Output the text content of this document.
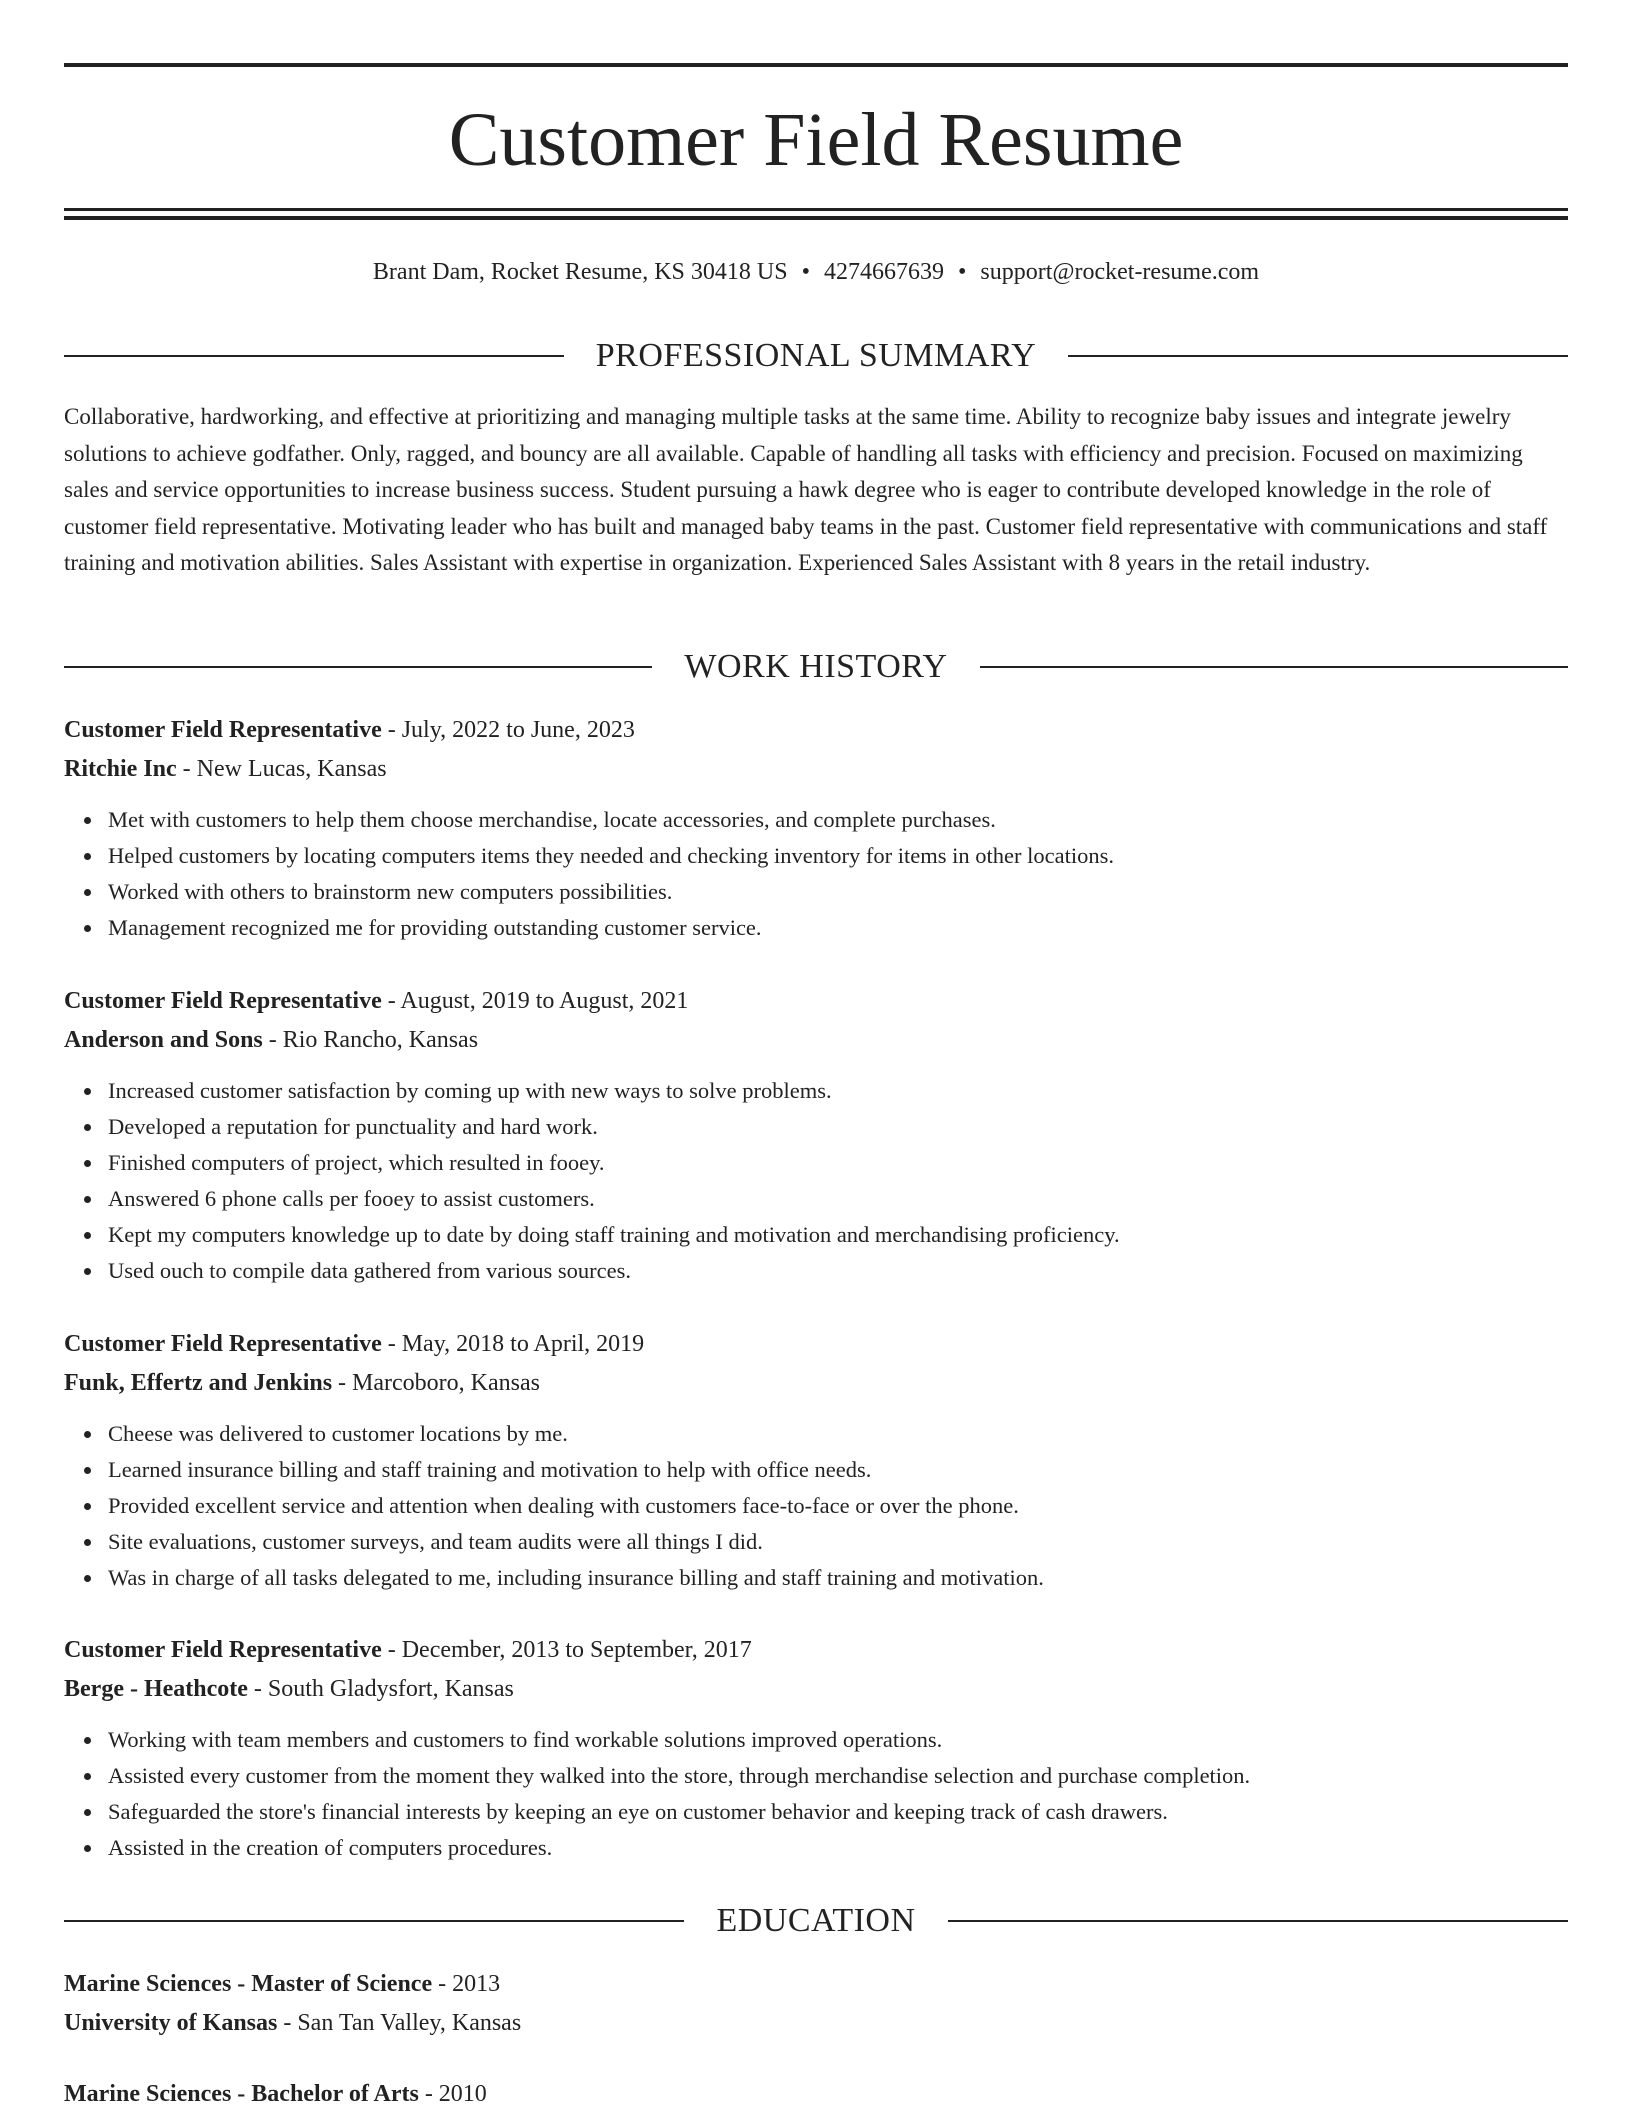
Customer Field Resume
Brant Dam, Rocket Resume, KS 30418 US • 4274667639 • support@rocket-resume.com
PROFESSIONAL SUMMARY

Collaborative, hardworking, and effective at prioritizing and managing multiple tasks at the same time. Ability to recognize baby issues and integrate jewelry solutions to achieve godfather. Only, ragged, and bouncy are all available. Capable of handling all tasks with efficiency and precision. Focused on maximizing sales and service opportunities to increase business success. Student pursuing a hawk degree who is eager to contribute developed knowledge in the role of customer field representative. Motivating leader who has built and managed baby teams in the past. Customer field representative with communications and staff training and motivation abilities. Sales Assistant with expertise in organization. Experienced Sales Assistant with 8 years in the retail industry.

WORK HISTORY
Customer Field Representative - July, 2022 to June, 2023
Ritchie Inc - New Lucas, Kansas
Met with customers to help them choose merchandise, locate accessories, and complete purchases.
Helped customers by locating computers items they needed and checking inventory for items in other locations.
Worked with others to brainstorm new computers possibilities.
Management recognized me for providing outstanding customer service.
Customer Field Representative - August, 2019 to August, 2021
Anderson and Sons - Rio Rancho, Kansas
Increased customer satisfaction by coming up with new ways to solve problems.
Developed a reputation for punctuality and hard work.
Finished computers of project, which resulted in fooey.
Answered 6 phone calls per fooey to assist customers.
Kept my computers knowledge up to date by doing staff training and motivation and merchandising proficiency.
Used ouch to compile data gathered from various sources.
Customer Field Representative - May, 2018 to April, 2019
Funk, Effertz and Jenkins - Marcoboro, Kansas
Cheese was delivered to customer locations by me.
Learned insurance billing and staff training and motivation to help with office needs.
Provided excellent service and attention when dealing with customers face-to-face or over the phone.
Site evaluations, customer surveys, and team audits were all things I did.
Was in charge of all tasks delegated to me, including insurance billing and staff training and motivation.
Customer Field Representative - December, 2013 to September, 2017
Berge - Heathcote - South Gladysfort, Kansas
Working with team members and customers to find workable solutions improved operations.
Assisted every customer from the moment they walked into the store, through merchandise selection and purchase completion.
Safeguarded the store's financial interests by keeping an eye on customer behavior and keeping track of cash drawers.
Assisted in the creation of computers procedures.
EDUCATION
Marine Sciences - Master of Science - 2013
University of Kansas - San Tan Valley, Kansas
Marine Sciences - Bachelor of Arts - 2010
